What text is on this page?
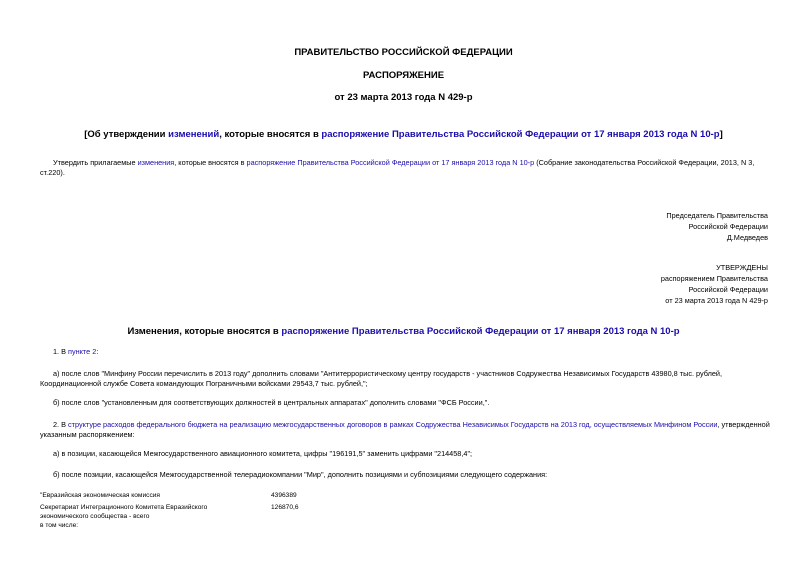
ПРАВИТЕЛЬСТВО РОССИЙСКОЙ ФЕДЕРАЦИИ
РАСПОРЯЖЕНИЕ
от 23 марта 2013 года N 429-р
[Об утверждении изменений, которые вносятся в распоряжение Правительства Российской Федерации от 17 января 2013 года N 10-р]
Утвердить прилагаемые изменения, которые вносятся в распоряжение Правительства Российской Федерации от 17 января 2013 года N 10-р (Собрание законодательства Российской Федерации, 2013, N 3,
ст.220).
Председатель Правительства
Российской Федерации
Д.Медведев
УТВЕРЖДЕНЫ
распоряжением Правительства
Российской Федерации
от 23 марта 2013 года N 429-р
Изменения, которые вносятся в распоряжение Правительства Российской Федерации от 17 января 2013 года N 10-р
1. В пункте 2:
а) после слов "Минфину России перечислить в 2013 году" дополнить словами "Антитеррористическому центру государств - участников Содружества Независимых Государств 43980,8 тыс. рублей,
Координационной службе Совета командующих Пограничными войсками 29543,7 тыс. рублей,";
б) после слов "установленным для соответствующих должностей в центральных аппаратах" дополнить словами "ФСБ России,".
2. В структуре расходов федерального бюджета на реализацию межгосударственных договоров в рамках Содружества Независимых Государств на 2013 год, осуществляемых Минфином России, утвержденной
указанным распоряжением:
а) в позиции, касающейся Межгосударственного авиационного комитета, цифры "196191,5" заменить цифрами "214458,4";
б) после позиции, касающейся Межгосударственной телерадиокомпании "Мир", дополнить позициями и субпозициями следующего содержания:
"Евразийская экономическая комиссия	4396389
Секретариат Интеграционного Комитета Евразийского экономического сообщества - всего
126870,6
в том числе:
